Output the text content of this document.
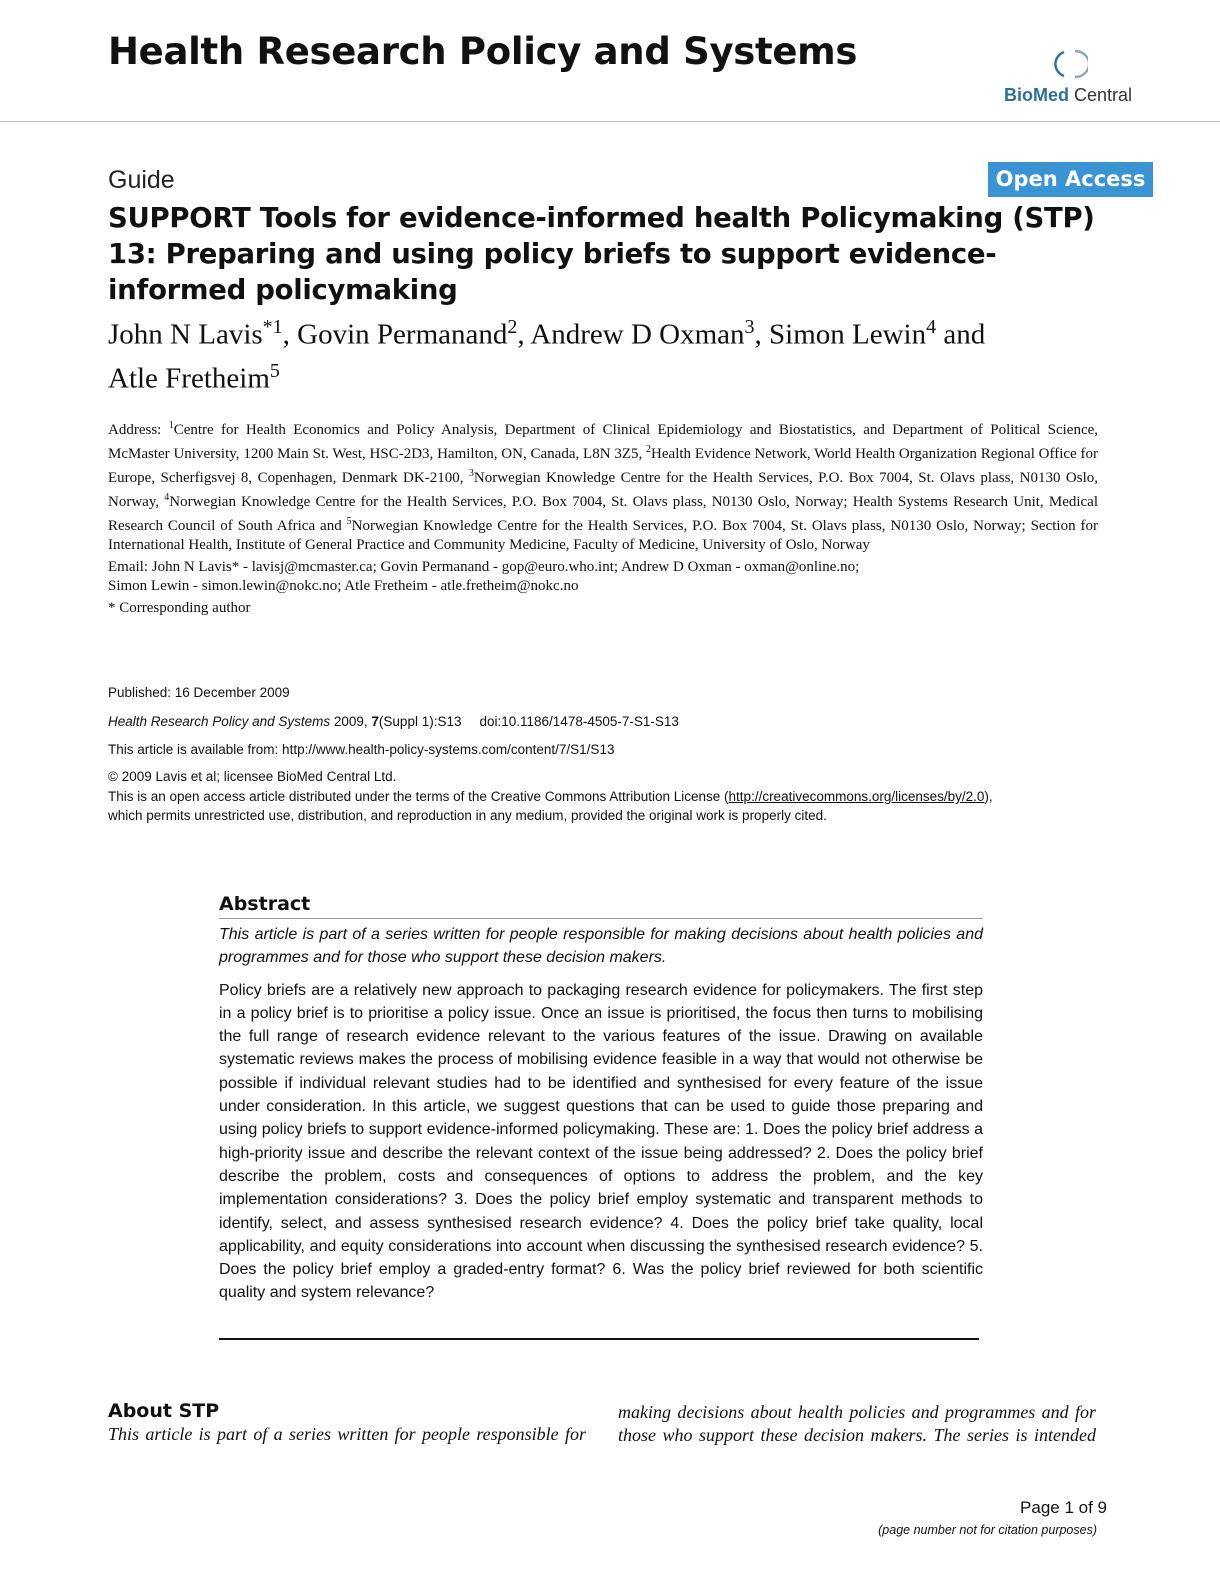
Health Research Policy and Systems
BioMed Central
Guide	Open Access
SUPPORT Tools for evidence-informed health Policymaking (STP) 13: Preparing and using policy briefs to support evidence-informed policymaking
John N Lavis$^{*1}$, Govin Permanand$^2$, Andrew D Oxman$^3$, Simon Lewin$^4$ and
Atle Fretheim$^5$
Address: $^1$Centre for Health Economics and Policy Analysis, Department of Clinical Epidemiology and Biostatistics, and Department of Political Science, McMaster University, 1200 Main St. West, HSC-2D3, Hamilton, ON, Canada, L8N 3Z5, $^2$Health Evidence Network, World Health Organization Regional Office for Europe, Scherfigsvej 8, Copenhagen, Denmark DK-2100, $^3$Norwegian Knowledge Centre for the Health Services, P.O. Box 7004, St. Olavs plass, N0130 Oslo, Norway, $^4$Norwegian Knowledge Centre for the Health Services, P.O. Box 7004, St. Olavs plass, N0130 Oslo, Norway; Health Systems Research Unit, Medical Research Council of South Africa and $^5$Norwegian Knowledge Centre for the Health Services, P.O. Box 7004, St. Olavs plass, N0130 Oslo, Norway; Section for International Health, Institute of General Practice and Community Medicine, Faculty of Medicine, University of Oslo, Norway
Email: John N Lavis* - lavisj@mcmaster.ca; Govin Permanand - gop@euro.who.int; Andrew D Oxman - oxman@online.no;
Simon Lewin - simon.lewin@nokc.no; Atle Fretheim - atle.fretheim@nokc.no
* Corresponding author
Published: 16 December 2009
Health Research Policy and Systems 2009, 7(Suppl 1):S13 doi:10.1186/1478-4505-7-S1-S13
This article is available from: http://www.health-policy-systems.com/content/7/S1/S13
© 2009 Lavis et al; licensee BioMed Central Ltd.
This is an open access article distributed under the terms of the Creative Commons Attribution License (http://creativecommons.org/licenses/by/2.0),
which permits unrestricted use, distribution, and reproduction in any medium, provided the original work is properly cited.
Abstract

This article is part of a series written for people responsible for making decisions about health policies and programmes and for those who support these decision makers.

Policy briefs are a relatively new approach to packaging research evidence for policymakers. The first step in a policy brief is to prioritise a policy issue. Once an issue is prioritised, the focus then turns to mobilising the full range of research evidence relevant to the various features of the issue. Drawing on available systematic reviews makes the process of mobilising evidence feasible in a way that would not otherwise be possible if individual relevant studies had to be identified and synthesised for every feature of the issue under consideration. In this article, we suggest questions that can be used to guide those preparing and using policy briefs to support evidence-informed policymaking. These are: 1. Does the policy brief address a high-priority issue and describe the relevant context of the issue being addressed? 2. Does the policy brief describe the problem, costs and consequences of options to address the problem, and the key implementation considerations? 3. Does the policy brief employ systematic and transparent methods to identify, select, and assess synthesised research evidence? 4. Does the policy brief take quality, local applicability, and equity considerations into account when discussing the synthesised research evidence? 5. Does the policy brief employ a graded-entry format? 6. Was the policy brief reviewed for both scientific quality and system relevance?

About STP

This article is part of a series written for people responsible for

making decisions about health policies and programmes and for those who support these decision makers. The series is intended

Page 1 of 9
(page number not for citation purposes)
